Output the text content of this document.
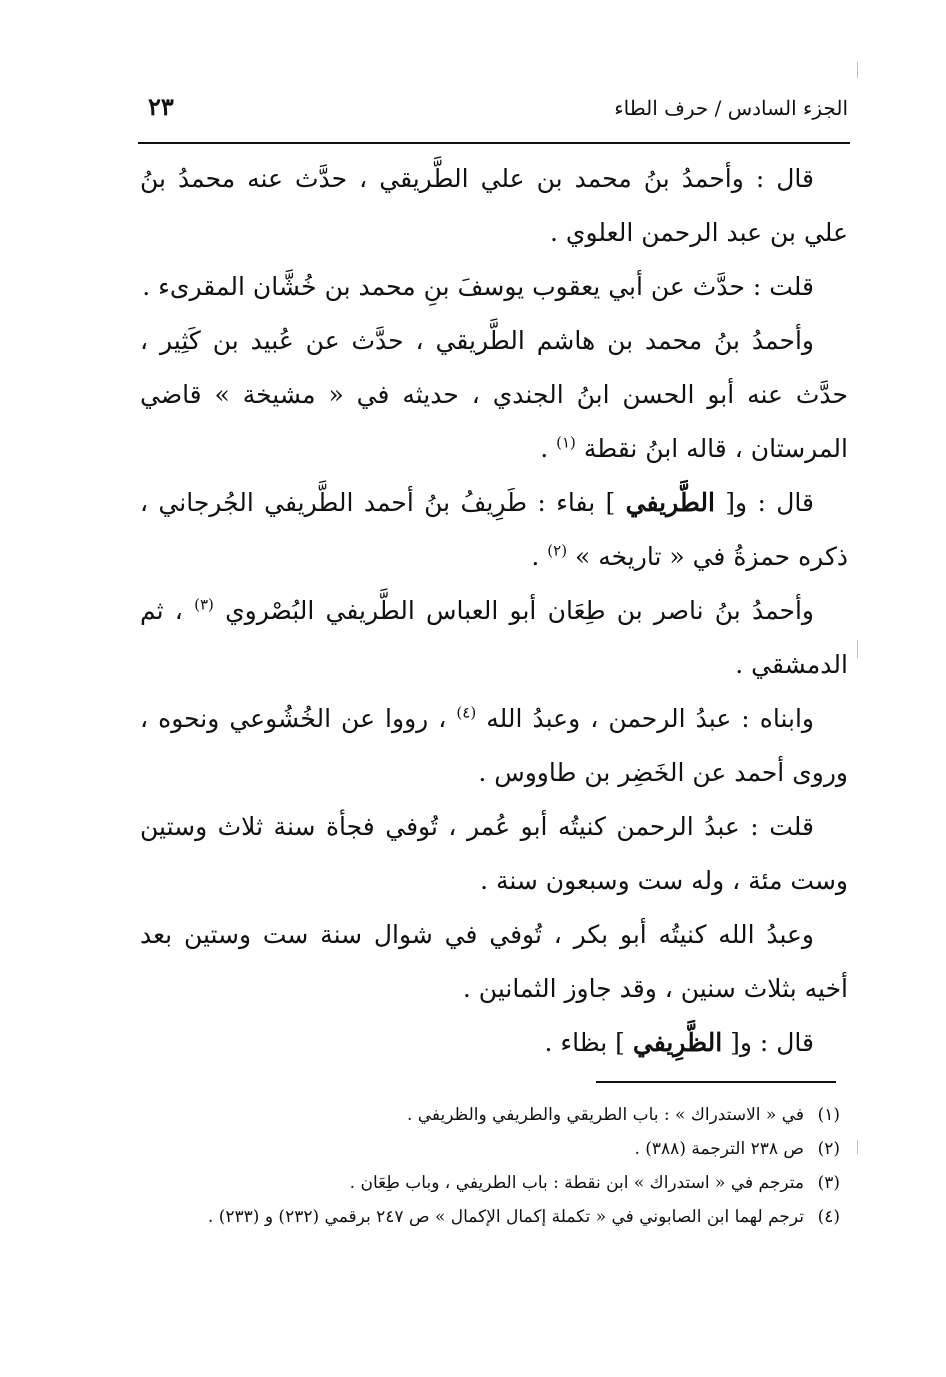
الجزء السادس / حرف الطاء
٢٣

قال : وأحمدُ بنُ محمد بن علي الطَّريقي ، حدَّث عنه محمدُ بنُ علي بن عبد الرحمن العلوي .

قلت : حدَّث عن أبي يعقوب يوسفَ بنِ محمد بن خُشَّان المقرىء .

وأحمدُ بنُ محمد بن هاشم الطَّريقي ، حدَّث عن عُبيد بن كَثِير ، حدَّث عنه أبو الحسن ابنُ الجندي ، حديثه في « مشيخة » قاضي المرستان ، قاله ابنُ نقطة $^{(١)}$ .

قال : و[ الطَّريفي ] بفاء : طَرِيفُ بنُ أحمد الطَّريفي الجُرجاني ، ذكره حمزةُ في « تاريخه » $^{(٢)}$ .

وأحمدُ بنُ ناصر بن طِعَان أبو العباس الطَّريفي البُصْروي $^{(٣)}$ ، ثم الدمشقي .

وابناه : عبدُ الرحمن ، وعبدُ الله $^{(٤)}$ ، رووا عن الخُشُوعي ونحوه ، وروى أحمد عن الخَضِر بن طاووس .

قلت : عبدُ الرحمن كنيتُه أبو عُمر ، تُوفي فجأة سنة ثلاث وستين وست مئة ، وله ست وسبعون سنة .

وعبدُ الله كنيتُه أبو بكر ، تُوفي في شوال سنة ست وستين بعد أخيه بثلاث سنين ، وقد جاوز الثمانين .

قال : و[ الظَّرِيفي ] بظاء .

(١)في « الاستدراك » : باب الطريقي والطريفي والظريفي .

(٢)ص ٢٣٨ الترجمة (٣٨٨) .

(٣)مترجم في « استدراك » ابن نقطة : باب الطريفي ، وباب طِعَان .

(٤)ترجم لهما ابن الصابوني في « تكملة إكمال الإكمال » ص ٢٤٧ برقمي (٢٣٢) و (٢٣٣) .
